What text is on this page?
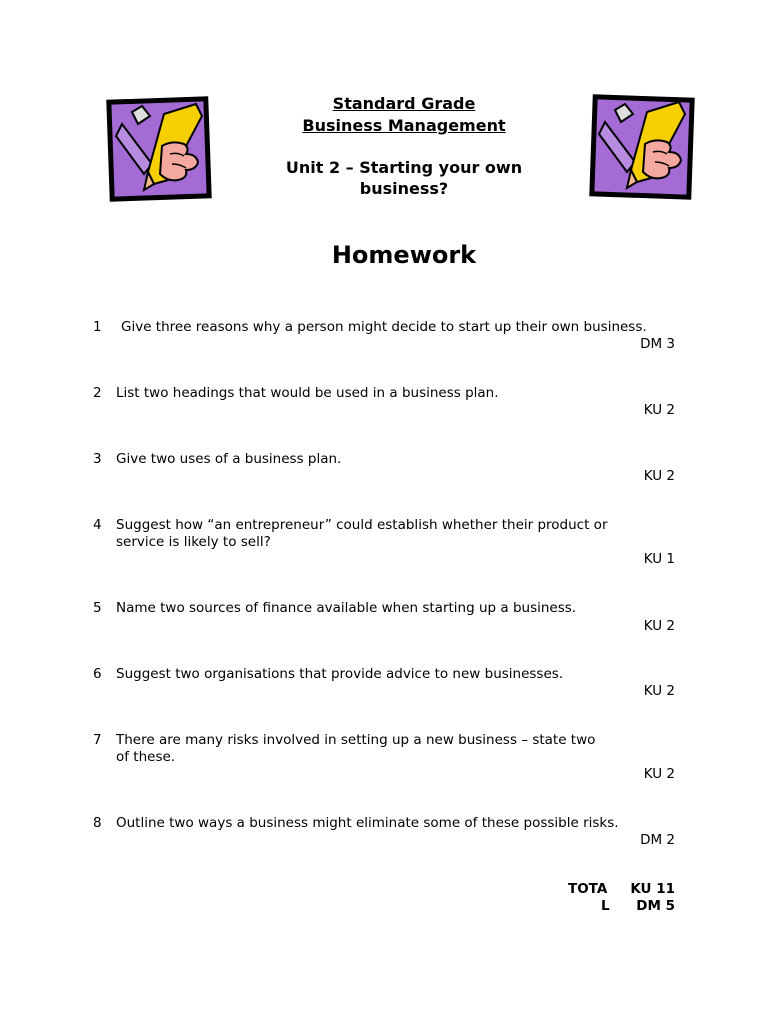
Standard Grade
Business Management
Unit 2 – Starting your own
business?
Homework
1	Give three reasons why a person might decide to start up their own business.
DM 3
2	List two headings that would be used in a business plan.
KU 2
3	Give two uses of a business plan.
KU 2
4	Suggest how “an entrepreneur” could establish whether their product or
service is likely to sell?
KU 1
5	Name two sources of finance available when starting up a business.
KU 2
6	Suggest two organisations that provide advice to new businesses.
KU 2
7	There are many risks involved in setting up a new business – state two
of these.
KU 2
8	Outline two ways a business might eliminate some of these possible risks.
DM 2
TOTA
L
KU 11
DM 5
